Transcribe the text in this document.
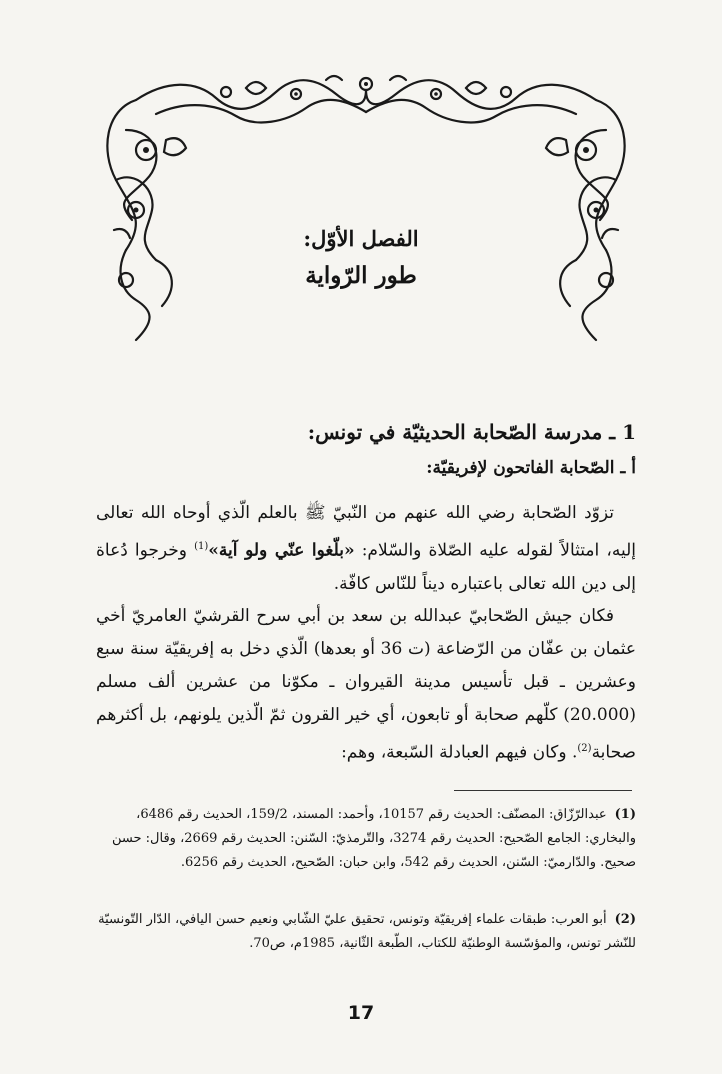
الفصل الأوّل:
طور الرّواية
1 ـ مدرسة الصّحابة الحديثيّة في تونس:
أ ـ الصّحابة الفاتحون لإفريقيّة:
تزوّد الصّحابة رضي الله عنهم من النّبيّ ﷺ بالعلم الّذي أوحاه الله تعالى إليه، امتثالاً لقوله عليه الصّلاة والسّلام: «بلّغوا عنّي ولو آية»$^{(1)}$ وخرجوا دُعاة إلى دين الله تعالى باعتباره ديناً للنّاس كافّة.
فكان جيش الصّحابيّ عبدالله بن سعد بن أبي سرح القرشيّ العامريّ أخي عثمان بن عفّان من الرّضاعة (ت 36 أو بعدها) الّذي دخل به إفريقيّة سنة سبع وعشرين ـ قبل تأسيس مدينة القيروان ـ مكوّنا من عشرين ألف مسلم (20.000) كلّهم صحابة أو تابعون، أي خير القرون ثمّ الّذين يلونهم، بل أكثرهم صحابة$^{(2)}$. وكان فيهم العبادلة السّبعة، وهم:
(1)عبدالرّزّاق: المصنّف: الحديث رقم 10157، وأحمد: المسند، 159/2، الحديث رقم 6486، والبخاري: الجامع الصّحيح: الحديث رقم 3274، والتّرمذيّ: السّنن: الحديث رقم 2669، وقال: حسن صحيح. والدّارميّ: السّنن، الحديث رقم 542، وابن حبان: الصّحيح، الحديث رقم 6256.
(2)أبو العرب: طبقات علماء إفريقيّة وتونس، تحقيق عليّ الشّابي ونعيم حسن اليافي، الدّار التّونسيّة للنّشر تونس، والمؤسّسة الوطنيّة للكتاب، الطّبعة الثّانية، 1985م، ص70.
17
